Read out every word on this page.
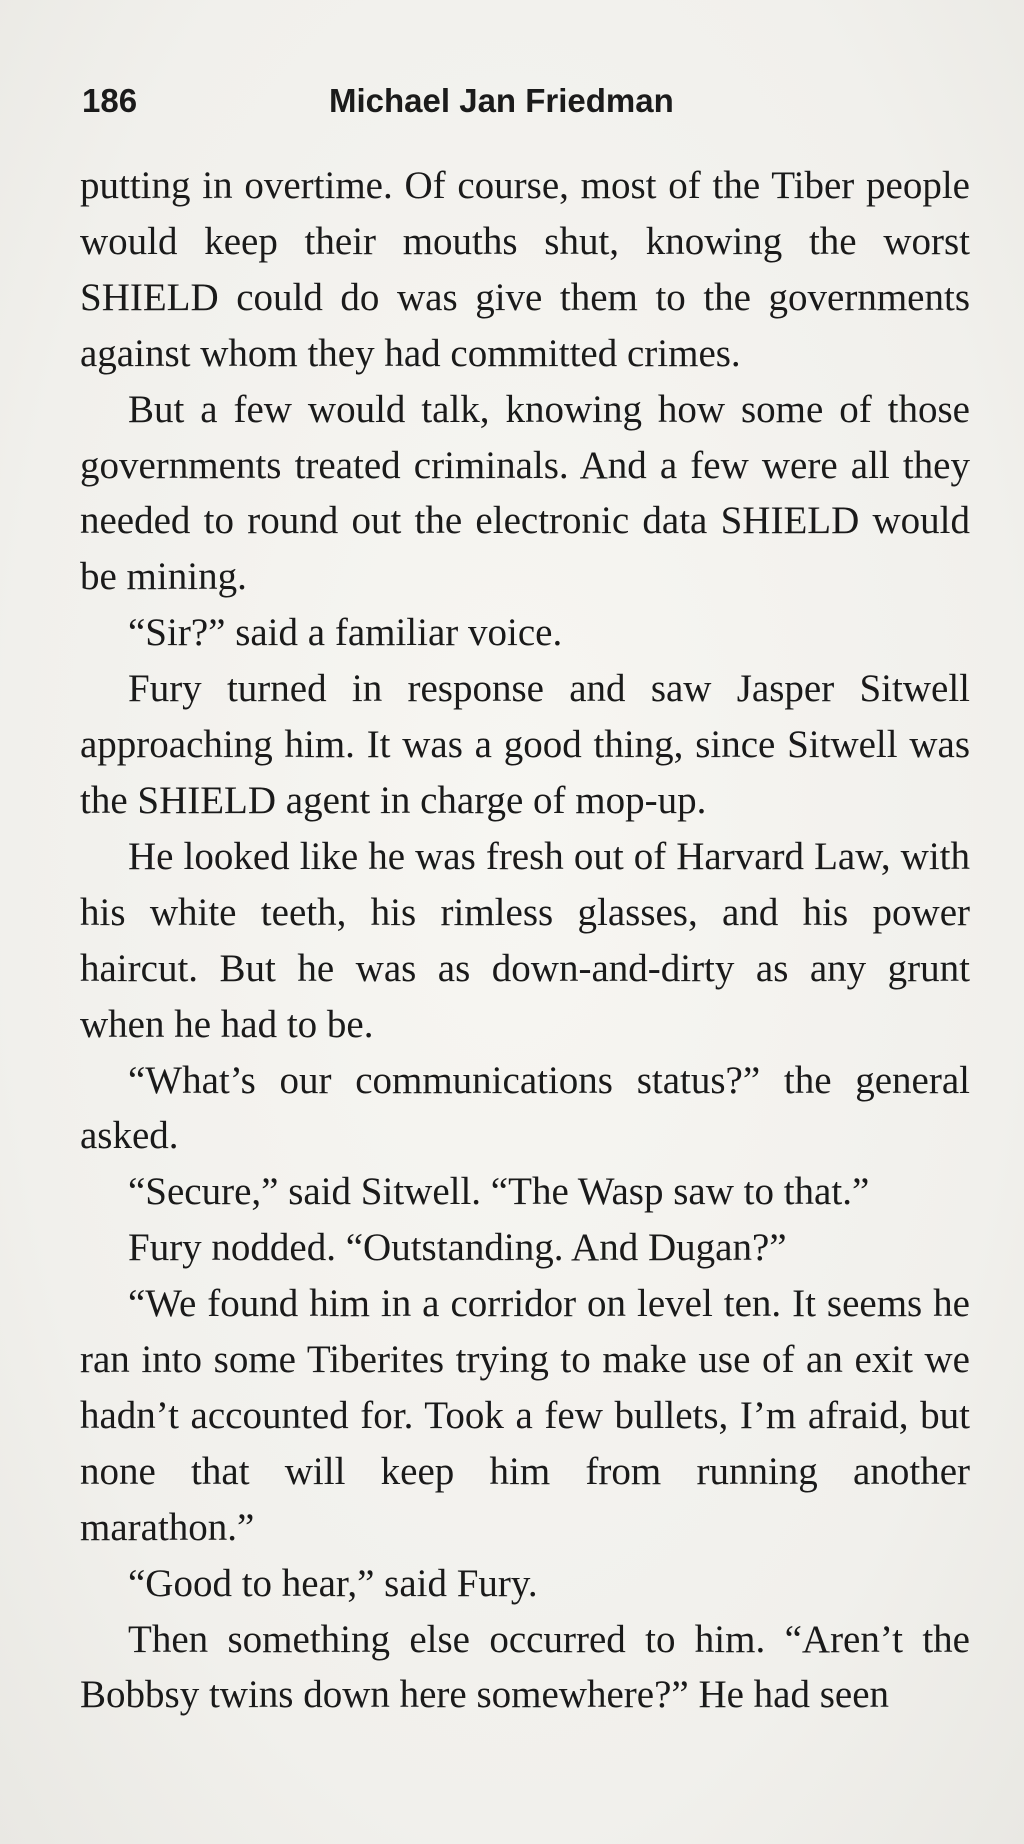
186	Michael Jan Friedman

putting in overtime. Of course, most of the Tiber people would keep their mouths shut, knowing the worst SHIELD could do was give them to the governments against whom they had committed crimes.

But a few would talk, knowing how some of those governments treated criminals. And a few were all they needed to round out the electronic data SHIELD would be mining.

“Sir?” said a familiar voice.

Fury turned in response and saw Jasper Sitwell approaching him. It was a good thing, since Sitwell was the SHIELD agent in charge of mop-up.

He looked like he was fresh out of Harvard Law, with his white teeth, his rimless glasses, and his power haircut. But he was as down-and-dirty as any grunt when he had to be.

“What’s our communications status?” the general asked.

“Secure,” said Sitwell. “The Wasp saw to that.”

Fury nodded. “Outstanding. And Dugan?”

“We found him in a corridor on level ten. It seems he ran into some Tiberites trying to make use of an exit we hadn’t accounted for. Took a few bullets, I’m afraid, but none that will keep him from running another marathon.”

“Good to hear,” said Fury.

Then something else occurred to him. “Aren’t the Bobbsy twins down here somewhere?” He had seen
